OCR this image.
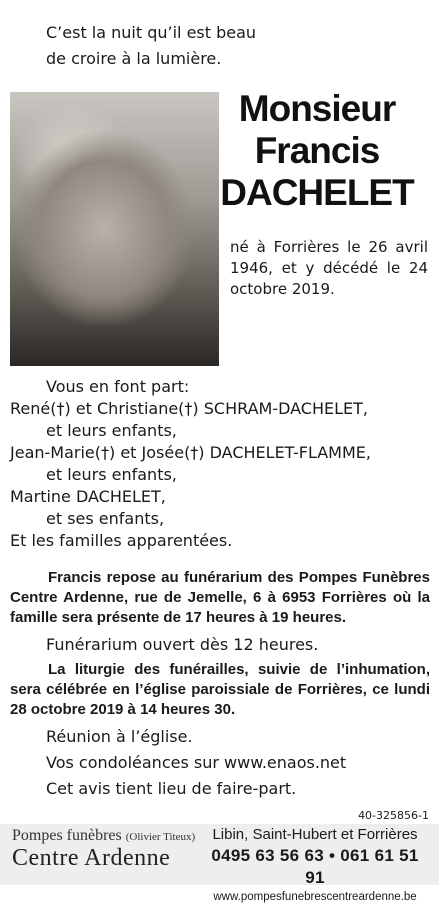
C’est la nuit qu’il est beau
de croire à la lumière.
Monsieur
Francis
DACHELET
né à Forrières le 26 avril 1946, et y décédé le 24 octobre 2019.
Vous en font part:
René(†) et Christiane(†) SCHRAM-DACHELET,
et leurs enfants,
Jean-Marie(†) et Josée(†) DACHELET-FLAMME,
et leurs enfants,
Martine DACHELET,
et ses enfants,
Et les familles apparentées.
Francis repose au funérarium des Pompes Funèbres Centre Ardenne, rue de Jemelle, 6 à 6953 Forrières où la famille sera présente de 17 heures à 19 heures.
Funérarium ouvert dès 12 heures.
La liturgie des funérailles, suivie de l’inhumation, sera célébrée en l’église paroissiale de Forrières, ce lundi 28 octobre 2019 à 14 heures 30.
Réunion à l’église.
Vos condoléances sur www.enaos.net
Cet avis tient lieu de faire-part.
40-325856-1
Pompes funèbres (Olivier Titeux)
Centre Ardenne
Libin, Saint-Hubert et Forrières
0495 63 56 63 • 061 61 51 91
www.pompesfunebrescentreardenne.be
